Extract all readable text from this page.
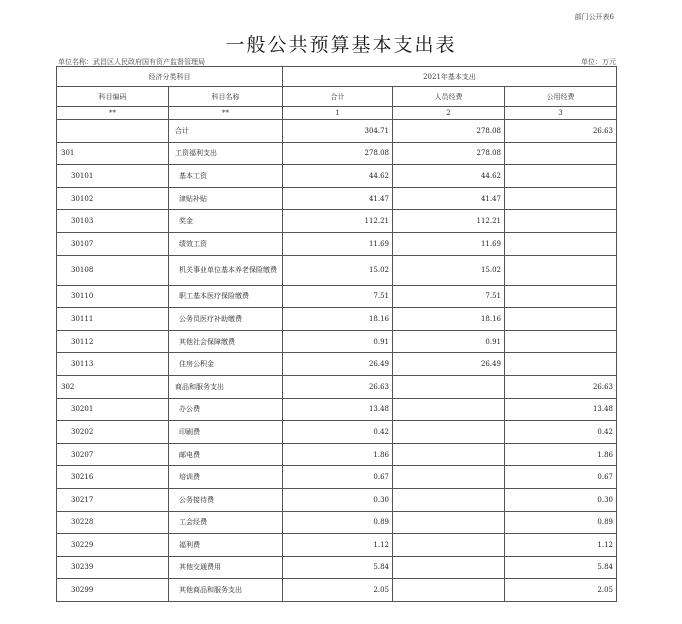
部门公开表6
一般公共预算基本支出表
单位名称：武昌区人民政府国有资产监督管理局	单位：万元
经济分类科目		2021年基本支出		
科目编码	科目名称	合计	人员经费	公用经费
**	**	1	2	3
	合计	304.71	278.08	26.63
301	工资福利支出	278.08	278.08	
30101	基本工资	44.62	44.62	
30102	津贴补贴	41.47	41.47	
30103	奖金	112.21	112.21	
30107	绩效工资	11.69	11.69	
30108	机关事业单位基本养老保险缴费	15.02	15.02	
30110	职工基本医疗保险缴费	7.51	7.51	
30111	公务员医疗补助缴费	18.16	18.16	
30112	其他社会保障缴费	0.91	0.91	
30113	住房公积金	26.49	26.49	
302	商品和服务支出	26.63		26.63
30201	办公费	13.48		13.48
30202	印刷费	0.42		0.42
30207	邮电费	1.86		1.86
30216	培训费	0.67		0.67
30217	公务接待费	0.30		0.30
30228	工会经费	0.89		0.89
30229	福利费	1.12		1.12
30239	其他交通费用	5.84		5.84
30299	其他商品和服务支出	2.05		2.05
